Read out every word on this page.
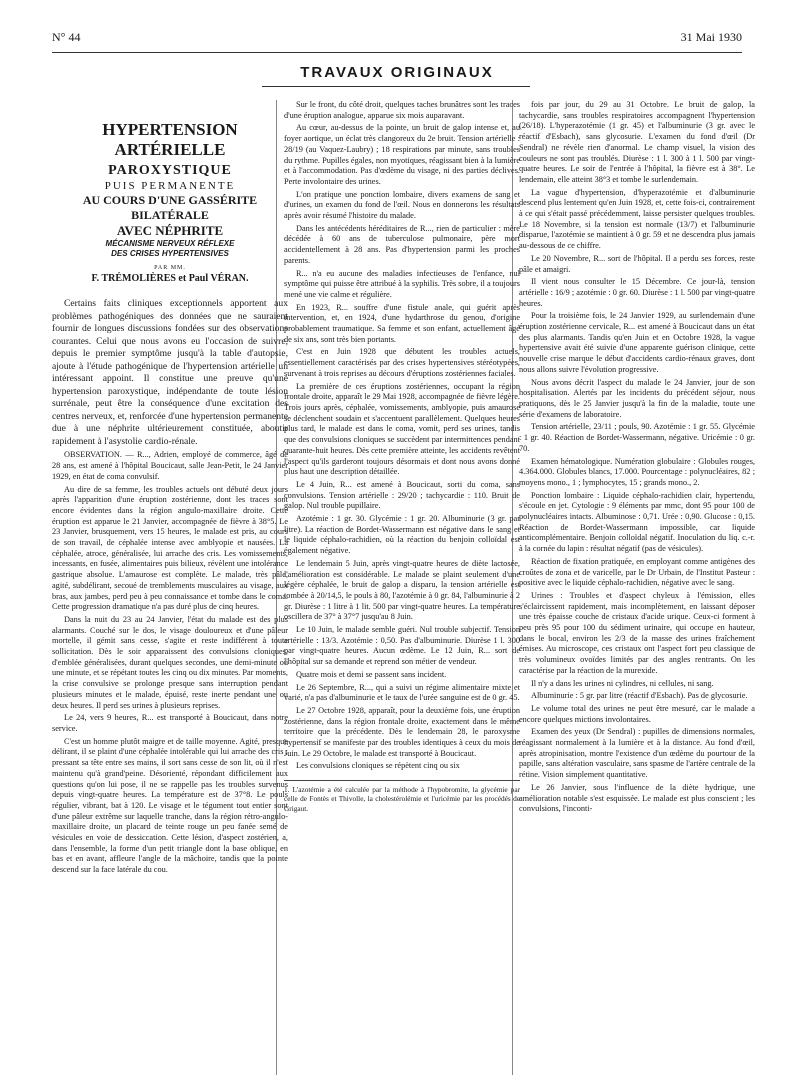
N° 44	31 Mai 1930
TRAVAUX ORIGINAUX
HYPERTENSION ARTÉRIELLE
PAROXYSTIQUE
PUIS PERMANENTE
AU COURS D'UNE GASSÉRITE BILATÉRALE
AVEC NÉPHRITE
MÉCANISME NERVEUX RÉFLEXE
DES CRISES HYPERTENSIVES
PAR MM.
F. TRÉMOLIÈRES et Paul VÉRAN.

Certains faits cliniques exceptionnels apportent aux problèmes pathogéniques des données que ne sauraient fournir de longues discussions fondées sur des observations courantes. Celui que nous avons eu l'occasion de suivre, depuis le premier symptôme jusqu'à la table d'autopsie, ajoute à l'étude pathogénique de l'hypertension artérielle un intéressant appoint. Il constitue une preuve qu'une hypertension paroxystique, indépendante de toute lésion surrénale, peut être la conséquence d'une excitation des centres nerveux, et, renforcée d'une hypertension permanente due à une néphrite ultérieurement constituée, aboutir rapidement à l'asystolie cardio-rénale.

OBSERVATION. — R..., Adrien, employé de commerce, âgé de 28 ans, est amené à l'hôpital Boucicaut, salle Jean-Petit, le 24 Janvier 1929, en état de coma convulsif.

Au dire de sa femme, les troubles actuels ont débuté deux jours après l'apparition d'une éruption zostérienne, dont les traces sont encore évidentes dans la région angulo-maxillaire droite. Cette éruption est apparue le 21 Janvier, accompagnée de fièvre à 38°5. Le 23 Janvier, brusquement, vers 15 heures, le malade est pris, au cours de son travail, de céphalée intense avec amblyopie et nausées. La céphalée, atroce, généralisée, lui arrache des cris. Les vomissements, incessants, en fusée, alimentaires puis bilieux, révèlent une intolérance gastrique absolue. L'amaurose est complète. Le malade, très pâle, agité, subdélirant, secoué de tremblements musculaires au visage, aux bras, aux jambes, perd peu à peu connaissance et tombe dans le coma. Cette progression dramatique n'a pas duré plus de cinq heures.

Dans la nuit du 23 au 24 Janvier, l'état du malade est des plus alarmants. Couché sur le dos, le visage douloureux et d'une pâleur mortelle, il gémit sans cesse, s'agite et reste indifférent à toute sollicitation. Dès le soir apparaissent des convulsions cloniques, d'emblée généralisées, durant quelques secondes, une demi-minute ou une minute, et se répétant toutes les cinq ou dix minutes. Par moments, la crise convulsive se prolonge presque sans interruption pendant plusieurs minutes et le malade, épuisé, reste inerte pendant une ou deux heures. Il perd ses urines à plusieurs reprises.

Le 24, vers 9 heures, R... est transporté à Boucicaut, dans notre service.

C'est un homme plutôt maigre et de taille moyenne. Agité, presque délirant, il se plaint d'une céphalée intolérable qui lui arrache des cris ; pressant sa tête entre ses mains, il sort sans cesse de son lit, où il n'est maintenu qu'à grand'peine. Désorienté, répondant difficilement aux questions qu'on lui pose, il ne se rappelle pas les troubles survenus depuis vingt-quatre heures. La température est de 37°8. Le pouls régulier, vibrant, bat à 120. Le visage et le tégument tout entier sont d'une pâleur extrême sur laquelle tranche, dans la région rétro-angulo-maxillaire droite, un placard de teinte rouge un peu fanée semé de vésicules en voie de dessiccation. Cette lésion, d'aspect zostérien, a, dans l'ensemble, la forme d'un petit triangle dont la base oblique, en bas et en avant, affleure l'angle de la mâchoire, tandis que la pointe descend sur la face latérale du cou.

Sur le front, du côté droit, quelques taches brunâtres sont les traces d'une éruption analogue, apparue six mois auparavant.

Au cœur, au-dessus de la pointe, un bruit de galop intense et, au foyer aortique, un éclat très clangoreux du 2e bruit. Tension artérielle : 28/19 (au Vaquez-Laubry) ; 18 respirations par minute, sans troubles du rythme. Pupilles égales, non myotiques, réagissant bien à la lumière et à l'accommodation. Pas d'œdème du visage, ni des parties déclives. Perte involontaire des urines.

L'on pratique une ponction lombaire, divers examens de sang et d'urines, un examen du fond de l'œil. Nous en donnerons les résultats après avoir résumé l'histoire du malade.

Dans les antécédents héréditaires de R..., rien de particulier : mère décédée à 60 ans de tuberculose pulmonaire, père mort accidentellement à 28 ans. Pas d'hypertension parmi les proches parents.

R... n'a eu aucune des maladies infectieuses de l'enfance, nul symptôme qui puisse être attribué à la syphilis. Très sobre, il a toujours mené une vie calme et régulière.

En 1923, R... souffre d'une fistule anale, qui guérit après intervention, et, en 1924, d'une hydarthrose du genou, d'origine probablement traumatique. Sa femme et son enfant, actuellement âgé de six ans, sont très bien portants.

C'est en Juin 1928 que débutent les troubles actuels, essentiellement caractérisés par des crises hypertensives stéréotypées, survenant à trois reprises au décours d'éruptions zostériennes faciales.

La première de ces éruptions zostériennes, occupant la région frontale droite, apparaît le 29 Mai 1928, accompagnée de fièvre légère. Trois jours après, céphalée, vomissements, amblyopie, puis amaurose se déclenchent soudain et s'accentuent parallèlement. Quelques heures plus tard, le malade est dans le coma, vomit, perd ses urines, tandis que des convulsions cloniques se succèdent par intermittences pendant quarante-huit heures. Dès cette première atteinte, les accidents revêtent l'aspect qu'ils garderont toujours désormais et dont nous avons donné plus haut une description détaillée.

Le 4 Juin, R... est amené à Boucicaut, sorti du coma, sans convulsions. Tension artérielle : 29/20 ; tachycardie : 110. Bruit de galop. Nul trouble pupillaire.

Azotémie : 1 gr. 30. Glycémie : 1 gr. 20. Albuminurie (3 gr. par litre). La réaction de Bordet-Wassermann est négative dans le sang et le liquide céphalo-rachidien, où la réaction du benjoin colloïdal est également négative.

Le lendemain 5 Juin, après vingt-quatre heures de diète lactosée, l'amélioration est considérable. Le malade se plaint seulement d'une légère céphalée, le bruit de galop a disparu, la tension artérielle est tombée à 20/14,5, le pouls à 80, l'azotémie à 0 gr. 84, l'albuminurie à 2 gr. Diurèse : 1 litre à 1 lit. 500 par vingt-quatre heures. La température oscillera de 37° à 37°7 jusqu'au 8 Juin.

Le 10 Juin, le malade semble guéri. Nul trouble subjectif. Tension artérielle : 13/3. Azotémie : 0,50. Pas d'albuminurie. Diurèse 1 l. 300 par vingt-quatre heures. Aucun œdème. Le 12 Juin, R... sort de l'hôpital sur sa demande et reprend son métier de vendeur.

Quatre mois et demi se passent sans incident.

Le 26 Septembre, R..., qui a suivi un régime alimentaire mixte et varié, n'a pas d'albuminurie et le taux de l'urée sanguine est de 0 gr. 45.

Le 27 Octobre 1928, apparaît, pour la deuxième fois, une éruption zostérienne, dans la région frontale droite, exactement dans le même territoire que la précédente. Dès le lendemain 28, le paroxysme hypertensif se manifeste par des troubles identiques à ceux du mois de Juin. Le 29 Octobre, le malade est transporté à Boucicaut.

Les convulsions cloniques se répètent cinq ou six

1. L'azotémie a été calculée par la méthode à l'hypobromite, la glycémie par celle de Fontès et Thivolle, la cholestérolémie et l'uricémie par les procédés de Grigaut.

fois par jour, du 29 au 31 Octobre. Le bruit de galop, la tachycardie, sans troubles respiratoires accompagnent l'hypertension (26/18). L'hyperazotémie (1 gr. 45) et l'albuminurie (3 gr. avec le réactif d'Esbach), sans glycosurie. L'examen du fond d'œil (Dr Sendral) ne révèle rien d'anormal. Le champ visuel, la vision des couleurs ne sont pas troublés. Diurèse : 1 l. 300 à 1 l. 500 par vingt-quatre heures. Le soir de l'entrée à l'hôpital, la fièvre est à 38°. Le lendemain, elle atteint 38°3 et tombe le surlendemain.

La vague d'hypertension, d'hyperazotémie et d'albuminurie descend plus lentement qu'en Juin 1928, et, cette fois-ci, contrairement à ce qui s'était passé précédemment, laisse persister quelques troubles. Le 18 Novembre, si la tension est normale (13/7) et l'albuminurie disparue, l'azotémie se maintient à 0 gr. 59 et ne descendra plus jamais au-dessous de ce chiffre.

Le 20 Novembre, R... sort de l'hôpital. Il a perdu ses forces, reste pâle et amaigri.

Il vient nous consulter le 15 Décembre. Ce jour-là, tension artérielle : 16/9 ; azotémie : 0 gr. 60. Diurèse : 1 l. 500 par vingt-quatre heures.

Pour la troisième fois, le 24 Janvier 1929, au surlendemain d'une éruption zostérienne cervicale, R... est amené à Boucicaut dans un état des plus alarmants. Tandis qu'en Juin et en Octobre 1928, la vague hypertensive avait été suivie d'une apparente guérison clinique, cette nouvelle crise marque le début d'accidents cardio-rénaux graves, dont nous allons suivre l'évolution progressive.

Nous avons décrit l'aspect du malade le 24 Janvier, jour de son hospitalisation. Alertés par les incidents du précédent séjour, nous pratiquons, dès le 25 Janvier jusqu'à la fin de la maladie, toute une série d'examens de laboratoire.

Tension artérielle, 23/11 ; pouls, 90. Azotémie : 1 gr. 55. Glycémie : 1 gr. 40. Réaction de Bordet-Wassermann, négative. Uricémie : 0 gr. 70.

Examen hématologique. Numération globulaire : Globules rouges, 4.364.000. Globules blancs, 17.000. Pourcentage : polynucléaires, 82 ; moyens mono., 1 ; lymphocytes, 15 ; grands mono., 2.

Ponction lombaire : Liquide céphalo-rachidien clair, hypertendu, s'écoule en jet. Cytologie : 9 éléments par mmc, dont 95 pour 100 de polynucléaires intacts. Albuminose : 0,71. Urée : 0,90. Glucose : 0,15. Réaction de Bordet-Wassermann impossible, car liquide anticomplémentaire. Benjoin colloïdal négatif. Inoculation du liq. c.-r. à la cornée du lapin : résultat négatif (pas de vésicules).

Réaction de fixation pratiquée, en employant comme antigènes des croûtes de zona et de varicelle, par le Dr Urbain, de l'Institut Pasteur : positive avec le liquide céphalo-rachidien, négative avec le sang.

Urines : Troubles et d'aspect chyleux à l'émission, elles s'éclaircissent rapidement, mais incomplètement, en laissant déposer une très épaisse couche de cristaux d'acide urique. Ceux-ci forment à peu près 95 pour 100 du sédiment urinaire, qui occupe en hauteur, dans le bocal, environ les 2/3 de la masse des urines fraîchement émises. Au microscope, ces cristaux ont l'aspect fort peu classique de très volumineux ovoïdes limités par des angles rentrants. On les caractérise par la réaction de la murexide.

Il n'y a dans les urines ni cylindres, ni cellules, ni sang.

Albuminurie : 5 gr. par litre (réactif d'Esbach). Pas de glycosurie.

Le volume total des urines ne peut être mesuré, car le malade a encore quelques mictions involontaires.

Examen des yeux (Dr Sendral) : pupilles de dimensions normales, réagissant normalement à la lumière et à la distance. Au fond d'œil, après atropinisation, montre l'existence d'un œdème du pourtour de la papille, sans altération vasculaire, sans spasme de l'artère centrale de la rétine. Vision simplement quantitative.

Le 26 Janvier, sous l'influence de la diète hydrique, une amélioration notable s'est esquissée. Le malade est plus conscient ; les convulsions, l'inconti-
